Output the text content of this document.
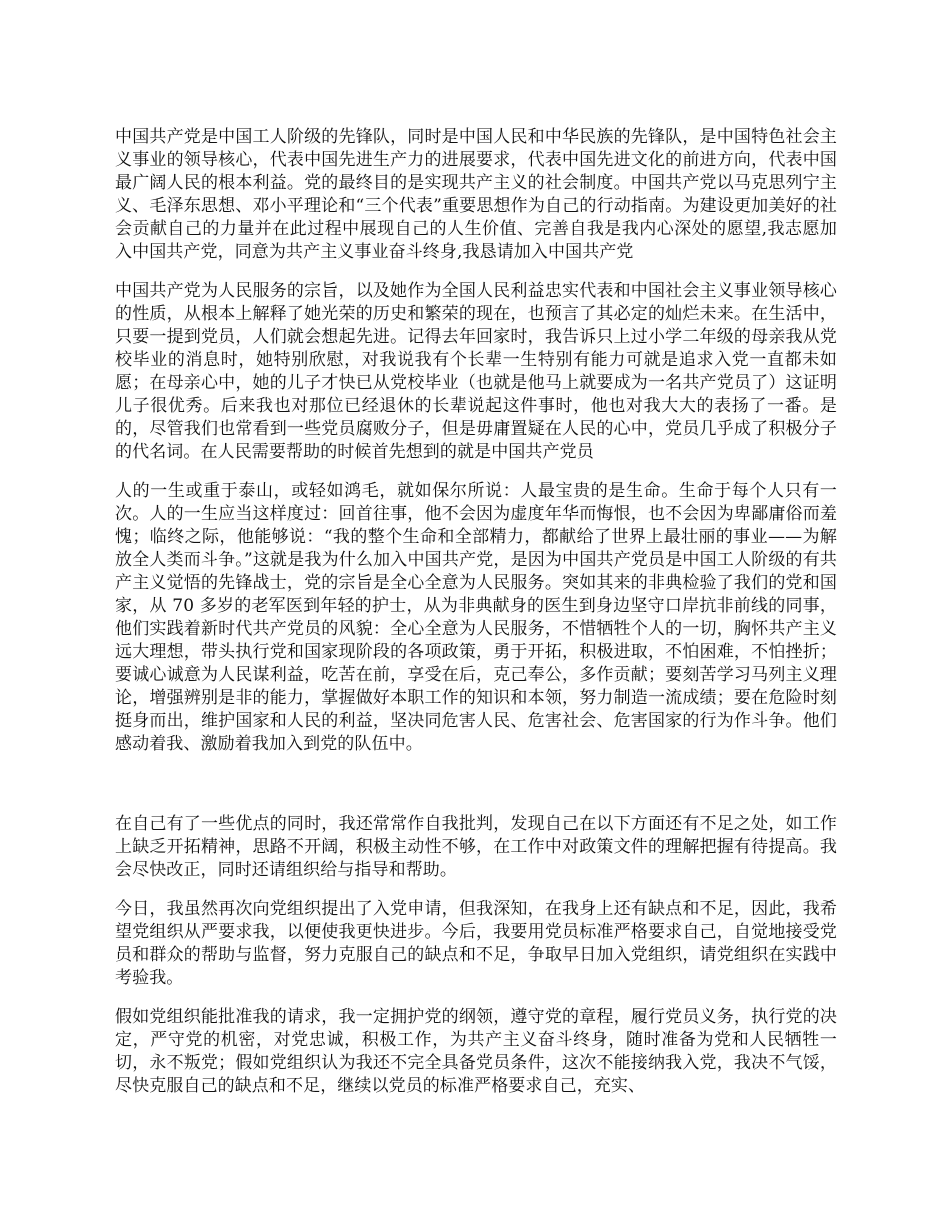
中国共产党是中国工人阶级的先锋队，同时是中国人民和中华民族的先锋队，是中国特色社会主义事业的领导核心，代表中国先进生产力的进展要求，代表中国先进文化的前进方向，代表中国最广阔人民的根本利益。党的最终目的是实现共产主义的社会制度。中国共产党以马克思列宁主义、毛泽东思想、邓小平理论和“三个代表”重要思想作为自己的行动指南。为建设更加美好的社会贡献自己的力量并在此过程中展现自己的人生价值、完善自我是我内心深处的愿望,我志愿加入中国共产党，同意为共产主义事业奋斗终身,我恳请加入中国共产党

中国共产党为人民服务的宗旨，以及她作为全国人民利益忠实代表和中国社会主义事业领导核心的性质，从根本上解释了她光荣的历史和繁荣的现在，也预言了其必定的灿烂未来。在生活中，只要一提到党员，人们就会想起先进。记得去年回家时，我告诉只上过小学二年级的母亲我从党校毕业的消息时，她特别欣慰，对我说我有个长辈一生特别有能力可就是追求入党一直都未如愿；在母亲心中，她的儿子才快已从党校毕业（也就是他马上就要成为一名共产党员了）这证明儿子很优秀。后来我也对那位已经退休的长辈说起这件事时，他也对我大大的表扬了一番。是的，尽管我们也常看到一些党员腐败分子，但是毋庸置疑在人民的心中，党员几乎成了积极分子的代名词。在人民需要帮助的时候首先想到的就是中国共产党员

人的一生或重于泰山，或轻如鸿毛，就如保尔所说：人最宝贵的是生命。生命于每个人只有一次。人的一生应当这样度过：回首往事，他不会因为虚度年华而悔恨，也不会因为卑鄙庸俗而羞愧；临终之际，他能够说：“我的整个生命和全部精力，都献给了世界上最壮丽的事业——为解放全人类而斗争。”这就是我为什么加入中国共产党，是因为中国共产党员是中国工人阶级的有共产主义觉悟的先锋战士，党的宗旨是全心全意为人民服务。突如其来的非典检验了我们的党和国家，从 70 多岁的老军医到年轻的护士，从为非典献身的医生到身边坚守口岸抗非前线的同事，他们实践着新时代共产党员的风貌：全心全意为人民服务，不惜牺牲个人的一切，胸怀共产主义远大理想，带头执行党和国家现阶段的各项政策，勇于开拓，积极进取，不怕困难，不怕挫折；要诚心诚意为人民谋利益，吃苦在前，享受在后，克己奉公，多作贡献；要刻苦学习马列主义理论，增强辨别是非的能力，掌握做好本职工作的知识和本领，努力制造一流成绩；要在危险时刻挺身而出，维护国家和人民的利益，坚决同危害人民、危害社会、危害国家的行为作斗争。他们感动着我、激励着我加入到党的队伍中。

在自己有了一些优点的同时，我还常常作自我批判，发现自己在以下方面还有不足之处，如工作上缺乏开拓精神，思路不开阔，积极主动性不够，在工作中对政策文件的理解把握有待提高。我会尽快改正，同时还请组织给与指导和帮助。

今日，我虽然再次向党组织提出了入党申请，但我深知，在我身上还有缺点和不足，因此，我希望党组织从严要求我，以便使我更快进步。今后，我要用党员标准严格要求自己，自觉地接受党员和群众的帮助与监督，努力克服自己的缺点和不足，争取早日加入党组织，请党组织在实践中考验我。

假如党组织能批准我的请求，我一定拥护党的纲领，遵守党的章程，履行党员义务，执行党的决定，严守党的机密，对党忠诚，积极工作，为共产主义奋斗终身，随时准备为党和人民牺牲一切，永不叛党；假如党组织认为我还不完全具备党员条件，这次不能接纳我入党，我决不气馁，尽快克服自己的缺点和不足，继续以党员的标准严格要求自己，充实、
